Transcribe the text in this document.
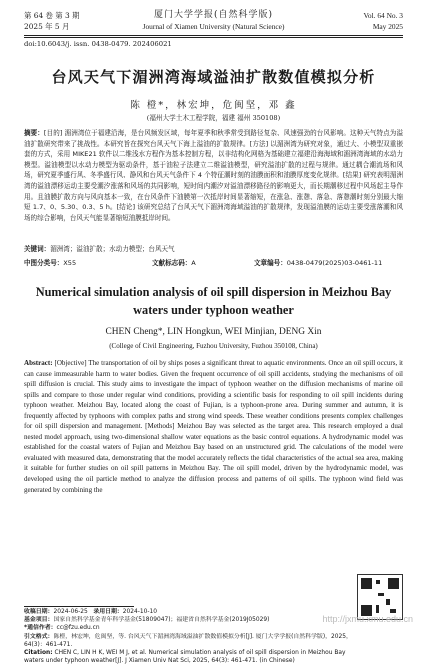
第 64 卷 第 3 期
2025 年 5 月
厦门大学学报(自然科学版)
Journal of Xiamen University (Natural Science)
Vol. 64 No. 3
May 2025
doi:10.6043/j. issn. 0438-0479. 202406021
台风天气下湄洲湾海域溢油扩散数值模拟分析
陈 橙*，林宏坤，危闽坚，邓 鑫
(福州大学土木工程学院，福建 福州 350108)
摘要：[目的] 湄洲湾位于福建沿海，是台风频发区域，每年夏季和秋季常受到路径复杂、风速强劲的台风影响。这种天气特点为溢油扩散研究带来了挑战性。本研究旨在探究台风天气下海上溢油的扩散规律。[方法] 以湄洲湾为研究对象，通过大、小模型双重嵌套的方式，采用 MIKE21 软件以二维浅水方程作为基本控制方程，以非结构化网格为基础建立福建沿海海域和湄洲湾海域的水动力模型。溢油模型以水动力模型为驱动条件，基于油粒子法建立二维溢油模型，研究溢油扩散的过程与规律。通过耦合潮流场和风场，研究夏季盛行风、冬季盛行风、静风和台风天气条件下 4 个特征潮时刻的油膜面积和油膜厚度变化规律。[结果] 研究表明湄洲湾的溢油漂移运动主要受潮汐涨落和风场的共同影响，短时间内潮汐对溢油漂移路径的影响更大，而长期潮移过程中风场起主导作用。且油膜扩散方向与风向基本一致，在台风条件下油膜第一次抵岸时间显著缩短，在涨急、涨憩、落急、落憩潮时刻分别最大缩短 1.7、0、5.30、0.3、5 h。[结论] 该研究总结了台风天气下湄洲湾海域溢油的扩散规律，发现溢油膜的运动主要受涨落潮和风场的综合影响，台风天气能显著缩短油膜抵岸时间。
关键词：湄洲湾；溢油扩散；水动力模型；台风天气
中图分类号：X55	文献标志码：A	文章编号：0438-0479(2025)03-0461-11
Numerical simulation analysis of oil spill dispersion in Meizhou Bay waters under typhoon weather
CHEN Cheng*, LIN Hongkun, WEI Minjian, DENG Xin
(College of Civil Engineering, Fuzhou University, Fuzhou 350108, China)
Abstract: [Objective] The transportation of oil by ships poses a significant threat to aquatic environments. Once an oil spill occurs, it can cause immeasurable harm to water bodies. Given the frequent occurrence of oil spill accidents, studying the mechanisms of oil spill diffusion is crucial. This study aims to investigate the impact of typhoon weather on the diffusion mechanisms of marine oil spills and compare to those under regular wind conditions, providing a scientific basis for responding to oil spill incidents during typhoon weather. Meizhou Bay, located along the coast of Fujian, is a typhoon-prone area. During summer and autumn, it is frequently affected by typhoons with complex paths and strong wind speeds. These weather conditions presents complex challenges for oil spill dispersion and management. [Methods] Meizhou Bay was selected as the target area. This research employed a dual nested model approach, using two-dimensional shallow water equations as the basic control equations. A hydrodynamic model was established for the coastal waters of Fujian and Meizhou Bay based on an unstructured grid. The calculations of the model were evaluated with measured data, demonstrating that the model accurately reflects the tidal characteristics of the actual sea area, making it suitable for further studies on oil spill patterns in Meizhou Bay. The oil spill model, driven by the hydrodynamic model, was developed using the oil particle method to analyze the diffusion process and patterns of oil spills. The typhoon wind field was generated by combining the
收稿日期：2024-06-25 录用日期：2024-10-10
基金项目：国家自然科学基金青年科学基金(51809047)；福建省自然科学基金(2019J05029)
*通信作者：cc@fzu.edu.cn
引文格式：陈橙，林宏坤，危闽坚，等. 台风天气下湄洲湾海域溢油扩散数值模拟分析[J]. 厦门大学学报(自然科学版)，2025，64(3)：461-471.
Citation: CHEN C, LIN H K, WEI M J, et al. Numerical simulation analysis of oil spill dispersion in Meizhou Bay waters under typhoon weather[J]. J Xiamen Univ Nat Sci, 2025, 64(3): 461-471. (in Chinese)
http://jxmu.xmu.edu.cn
